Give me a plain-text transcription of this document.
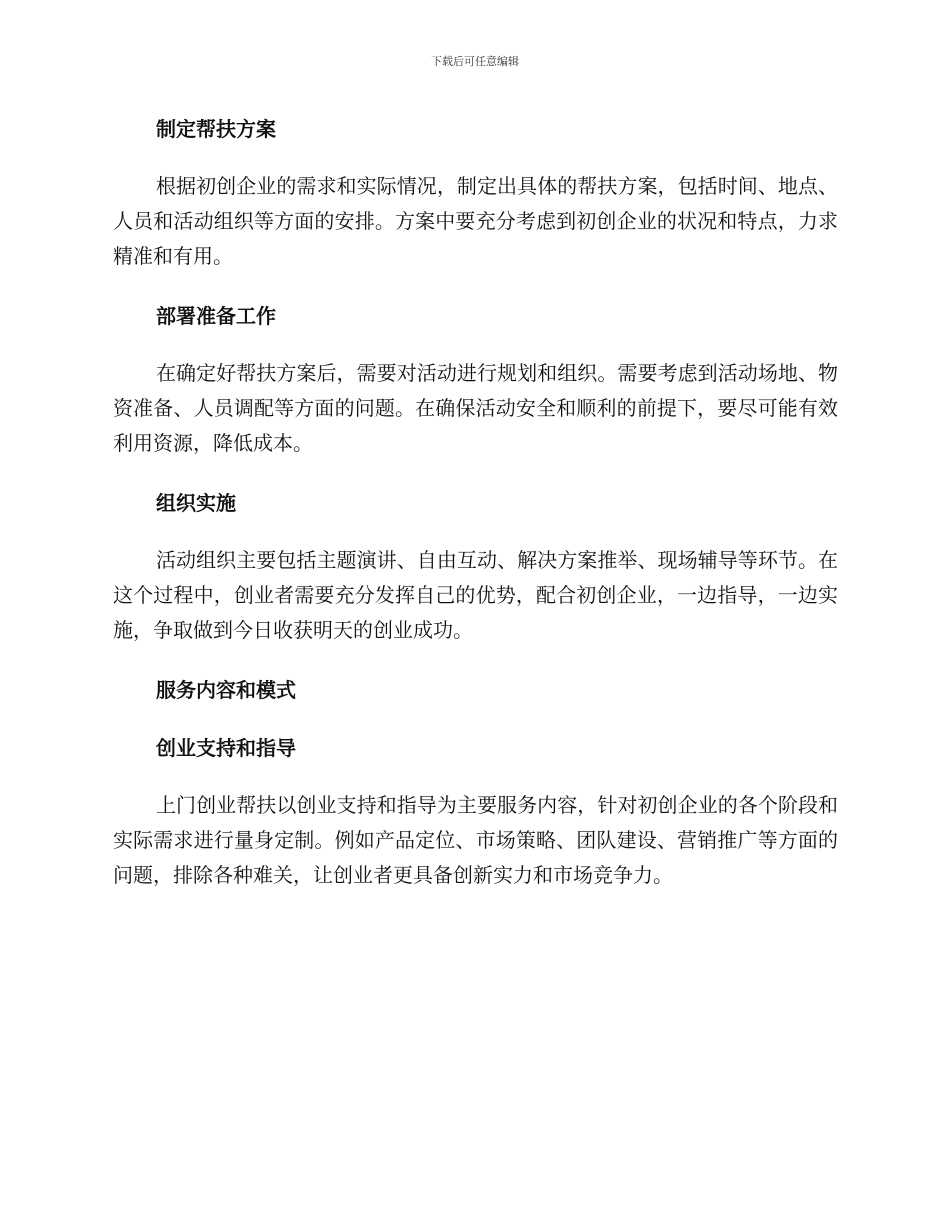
下载后可任意编辑
制定帮扶方案

根据初创企业的需求和实际情况，制定出具体的帮扶方案，包括时间、地点、人员和活动组织等方面的安排。方案中要充分考虑到初创企业的状况和特点，力求精准和有用。

部署准备工作

在确定好帮扶方案后，需要对活动进行规划和组织。需要考虑到活动场地、物资准备、人员调配等方面的问题。在确保活动安全和顺利的前提下，要尽可能有效利用资源，降低成本。

组织实施

活动组织主要包括主题演讲、自由互动、解决方案推举、现场辅导等环节。在这个过程中，创业者需要充分发挥自己的优势，配合初创企业，一边指导，一边实施，争取做到今日收获明天的创业成功。

服务内容和模式
创业支持和指导

上门创业帮扶以创业支持和指导为主要服务内容，针对初创企业的各个阶段和实际需求进行量身定制。例如产品定位、市场策略、团队建设、营销推广等方面的问题，排除各种难关，让创业者更具备创新实力和市场竞争力。
